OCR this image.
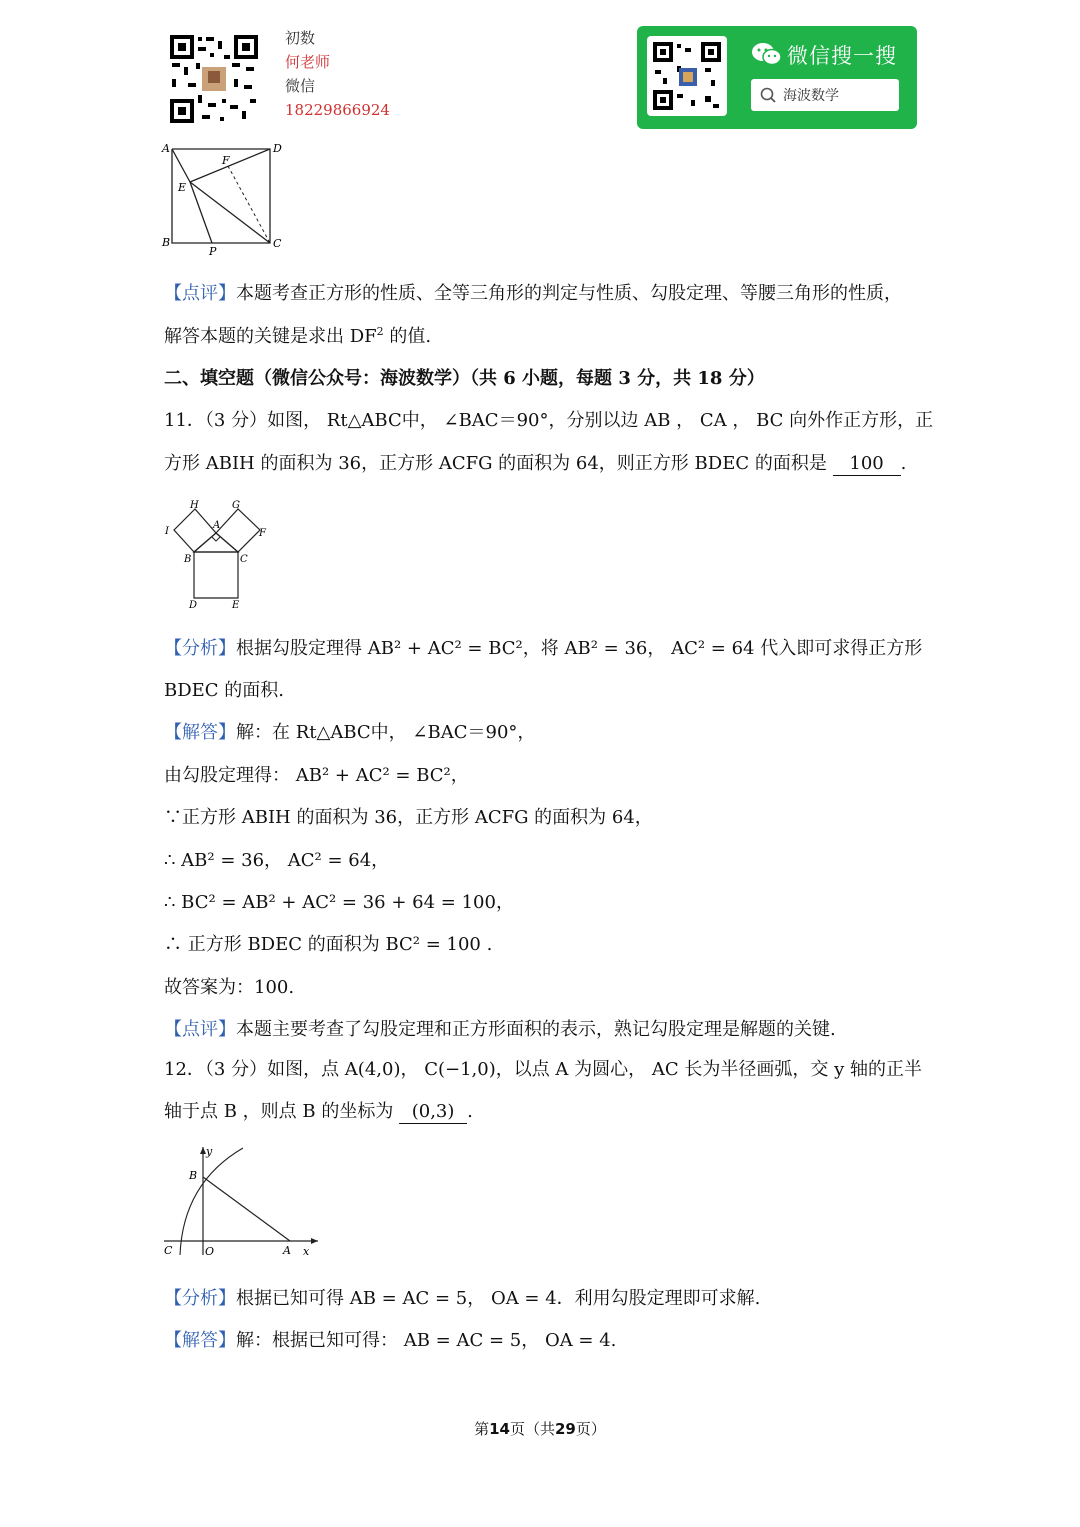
初数
何老师
微信
18229866924
微信搜一搜
海波数学
A	D
F
E
B
P
C
【点评】本题考查正方形的性质、全等三角形的判定与性质、勾股定理、等腰三角形的性质，
解答本题的关键是求出 $DF^2$ 的值.
二、填空题（微信公众号：海波数学）（共 6 小题，每题 3 分，共 18 分）
11．（3 分）如图， Rt△ABC中， ∠BAC＝90°，分别以边 AB ， CA ， BC 向外作正方形，正
方形 ABIH 的面积为 36，正方形 ACFG 的面积为 64，则正方形 BDEC 的面积是 100 .
H	G
I
A
F
B	C
D	E
【分析】根据勾股定理得 AB² + AC² = BC²，将 AB² = 36， AC² = 64 代入即可求得正方形
BDEC 的面积.
【解答】解：在 Rt△ABC中， ∠BAC＝90°，
由勾股定理得： AB² + AC² = BC²，
∵正方形 ABIH 的面积为 36，正方形 ACFG 的面积为 64，
∴ AB² = 36， AC² = 64，
∴ BC² = AB² + AC² = 36 + 64 = 100，
∴ 正方形 BDEC 的面积为 BC² = 100 .
故答案为：100.
【点评】本题主要考查了勾股定理和正方形面积的表示，熟记勾股定理是解题的关键.
12．（3 分）如图，点 A(4,0)， C(−1,0)，以点 A 为圆心， AC 长为半径画弧，交 y 轴的正半
轴于点 B ，则点 B 的坐标为 (0,3) .
y
B
C	O	A x
【分析】根据已知可得 AB = AC = 5， OA = 4．利用勾股定理即可求解.
【解答】解：根据已知可得： AB = AC = 5， OA = 4.
第14页（共29页）
